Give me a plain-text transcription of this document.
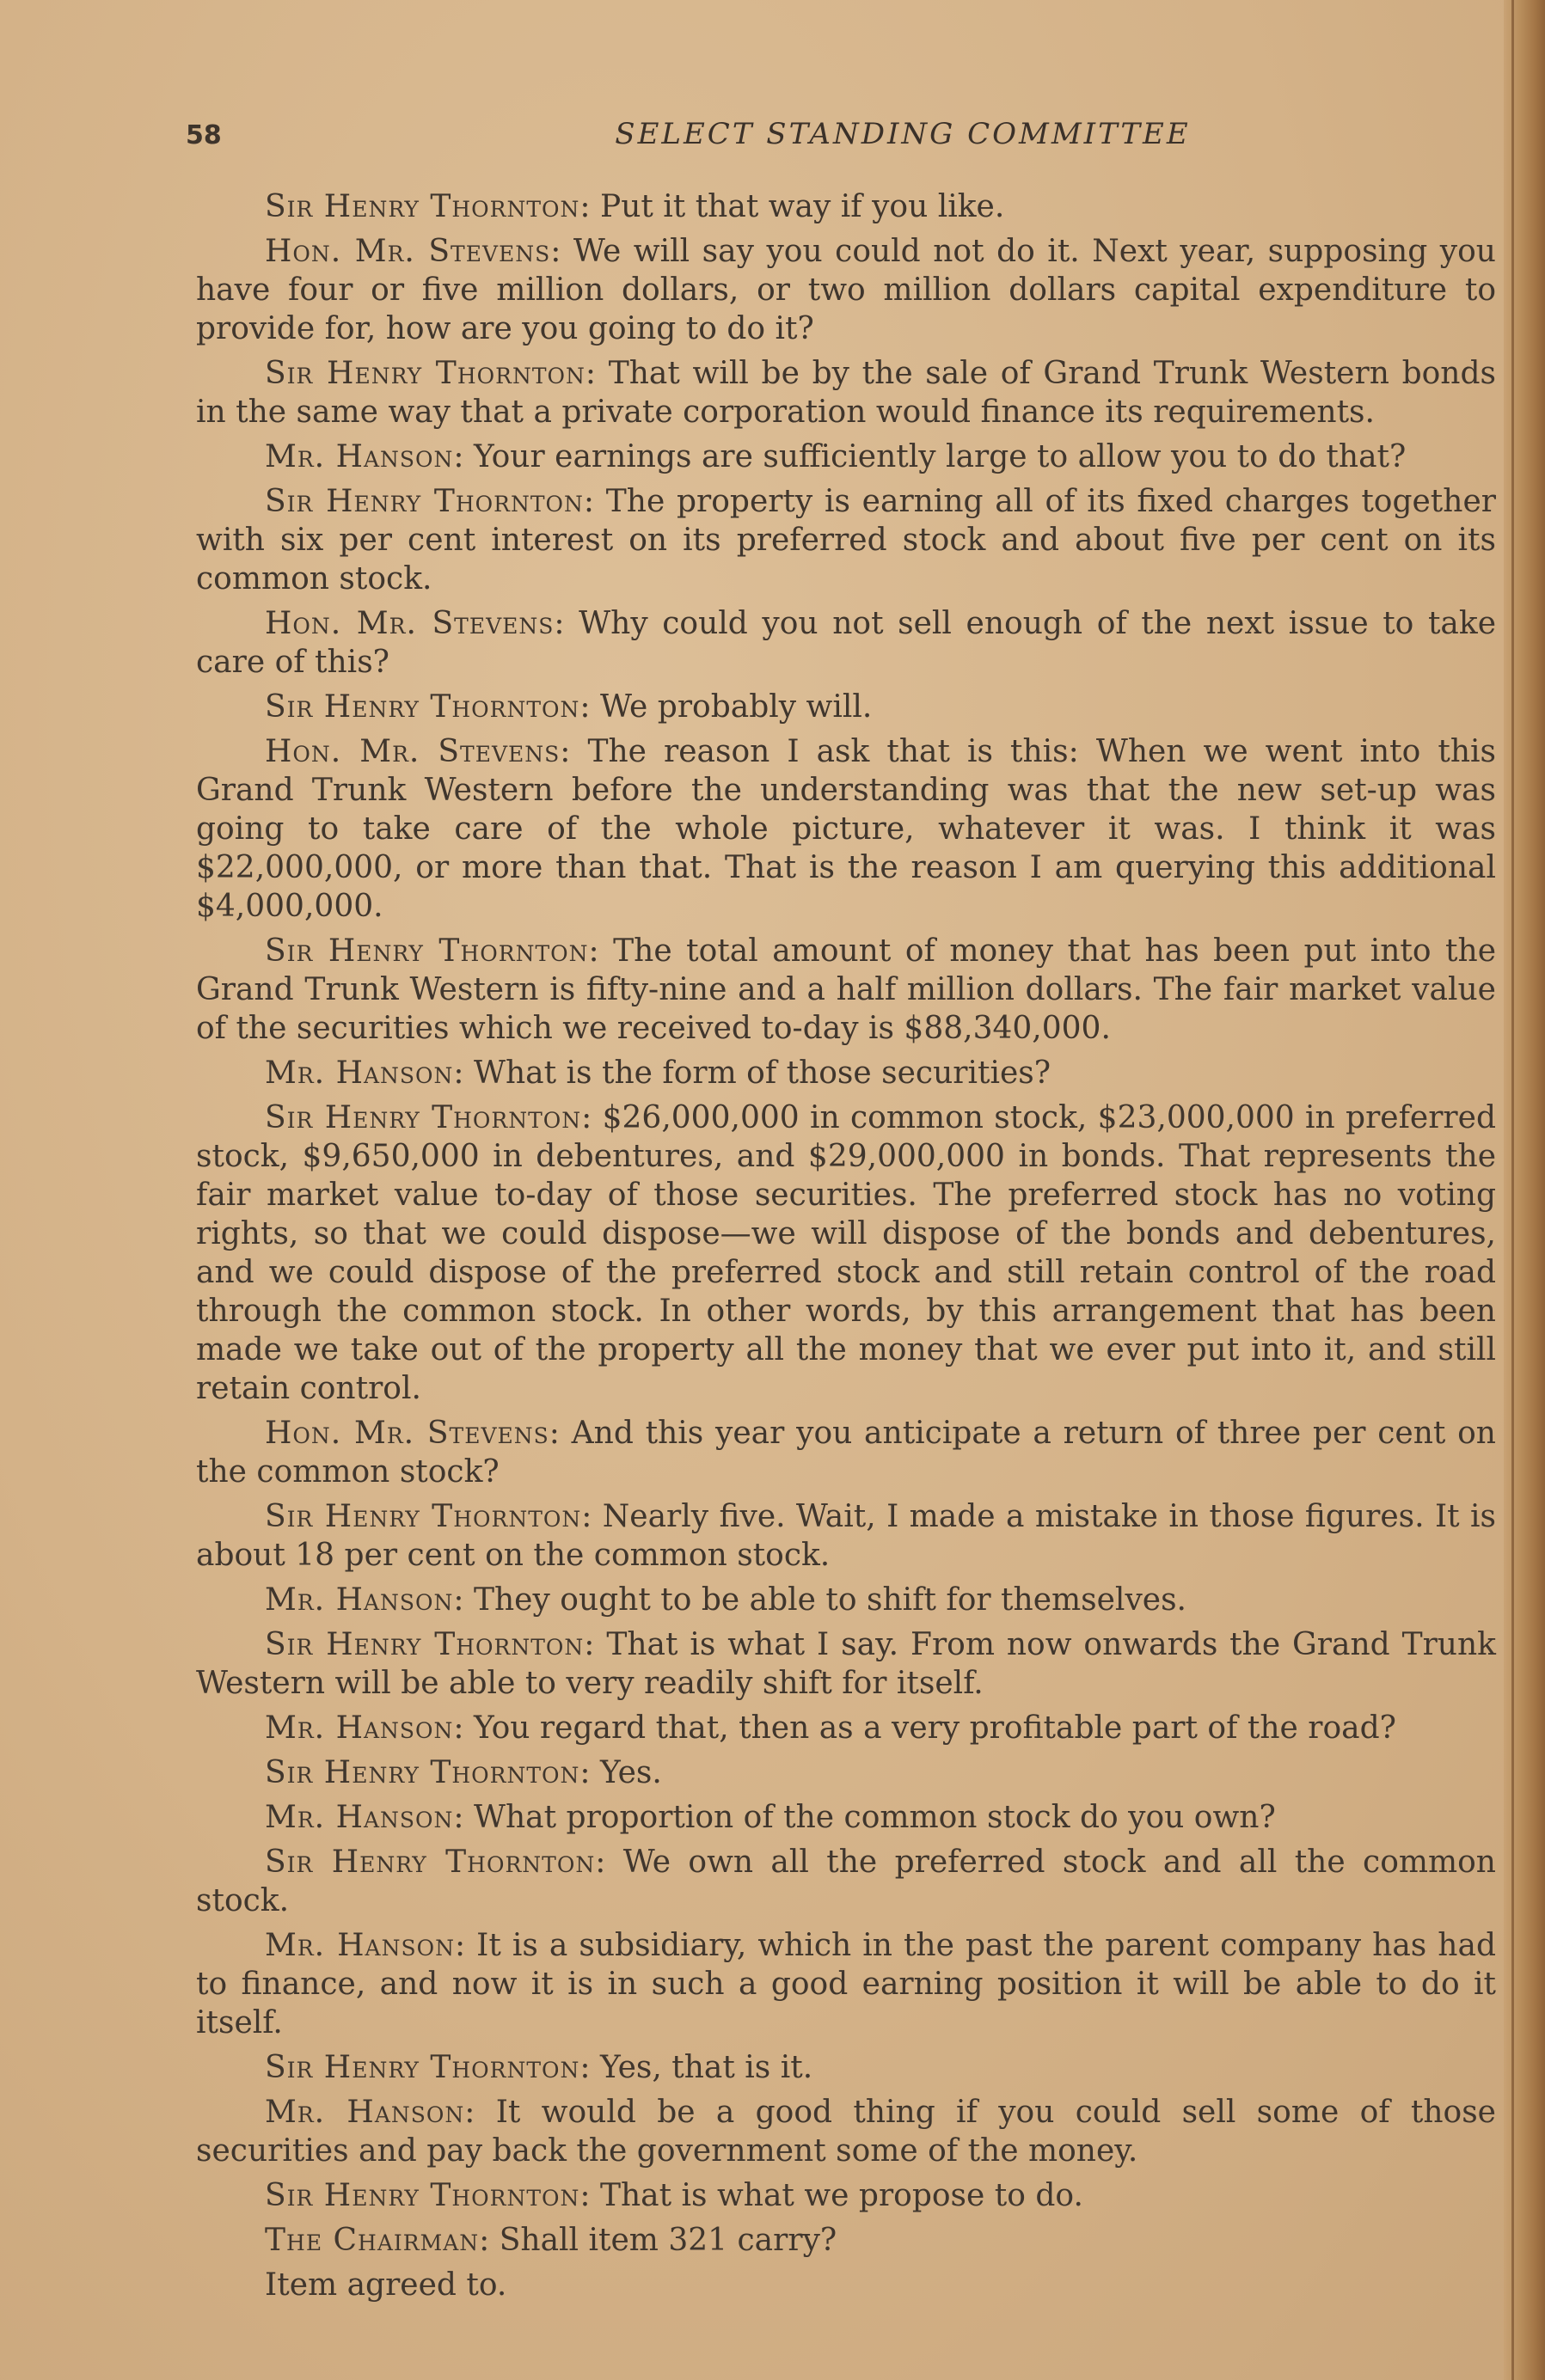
58	SELECT STANDING COMMITTEE

Sir Henry Thornton: Put it that way if you like.

Hon. Mr. Stevens: We will say you could not do it. Next year, supposing you have four or five million dollars, or two million dollars capital expenditure to provide for, how are you going to do it?

Sir Henry Thornton: That will be by the sale of Grand Trunk Western bonds in the same way that a private corporation would finance its requirements.

Mr. Hanson: Your earnings are sufficiently large to allow you to do that?

Sir Henry Thornton: The property is earning all of its fixed charges together with six per cent interest on its preferred stock and about five per cent on its common stock.

Hon. Mr. Stevens: Why could you not sell enough of the next issue to take care of this?

Sir Henry Thornton: We probably will.

Hon. Mr. Stevens: The reason I ask that is this: When we went into this Grand Trunk Western before the understanding was that the new set-up was going to take care of the whole picture, whatever it was. I think it was $22,000,000, or more than that. That is the reason I am querying this additional $4,000,000.

Sir Henry Thornton: The total amount of money that has been put into the Grand Trunk Western is fifty-nine and a half million dollars. The fair market value of the securities which we received to-day is $88,340,000.

Mr. Hanson: What is the form of those securities?

Sir Henry Thornton: $26,000,000 in common stock, $23,000,000 in preferred stock, $9,650,000 in debentures, and $29,000,000 in bonds. That represents the fair market value to-day of those securities. The preferred stock has no voting rights, so that we could dispose—we will dispose of the bonds and debentures, and we could dispose of the preferred stock and still retain control of the road through the common stock. In other words, by this arrangement that has been made we take out of the property all the money that we ever put into it, and still retain control.

Hon. Mr. Stevens: And this year you anticipate a return of three per cent on the common stock?

Sir Henry Thornton: Nearly five. Wait, I made a mistake in those figures. It is about 18 per cent on the common stock.

Mr. Hanson: They ought to be able to shift for themselves.

Sir Henry Thornton: That is what I say. From now onwards the Grand Trunk Western will be able to very readily shift for itself.

Mr. Hanson: You regard that, then as a very profitable part of the road?

Sir Henry Thornton: Yes.

Mr. Hanson: What proportion of the common stock do you own?

Sir Henry Thornton: We own all the preferred stock and all the common stock.

Mr. Hanson: It is a subsidiary, which in the past the parent company has had to finance, and now it is in such a good earning position it will be able to do it itself.

Sir Henry Thornton: Yes, that is it.

Mr. Hanson: It would be a good thing if you could sell some of those securities and pay back the government some of the money.

Sir Henry Thornton: That is what we propose to do.

The Chairman: Shall item 321 carry?

Item agreed to.
